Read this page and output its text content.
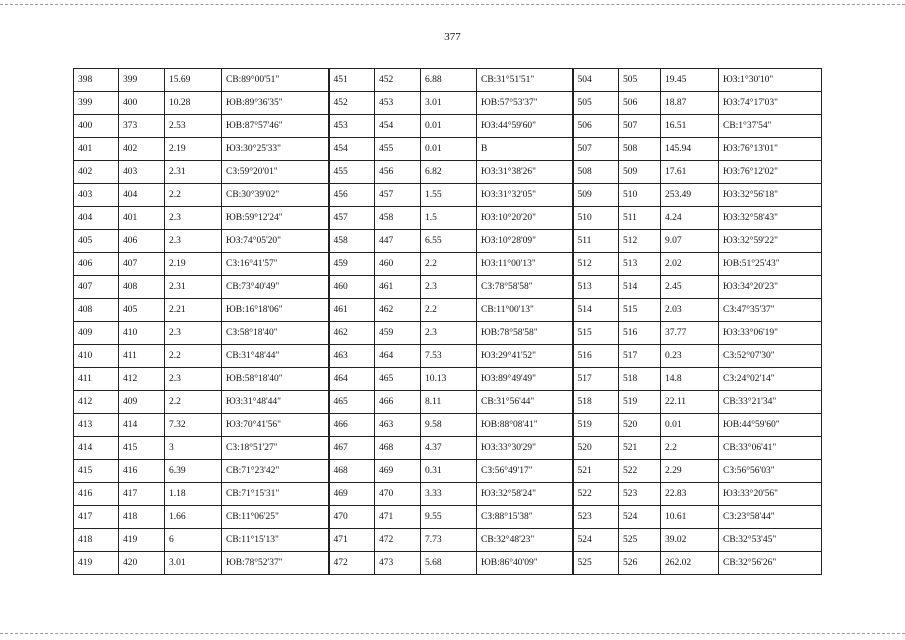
377
398	399	15.69	СВ:89°00'51"	451	452	6.88	СВ:31°51'51"	504	505	19.45	ЮЗ:1°30'10"
399	400	10.28	ЮВ:89°36'35"	452	453	3.01	ЮВ:57°53'37"	505	506	18.87	ЮЗ:74°17'03"
400	373	2.53	ЮВ:87°57'46"	453	454	0.01	ЮЗ:44°59'60"	506	507	16.51	СВ:1°37'54"
401	402	2.19	ЮЗ:30°25'33"	454	455	0.01	В	507	508	145.94	ЮЗ:76°13'01"
402	403	2.31	СЗ:59°20'01"	455	456	6.82	ЮЗ:31°38'26"	508	509	17.61	ЮЗ:76°12'02"
403	404	2.2	СВ:30°39'02"	456	457	1.55	ЮЗ:31°32'05"	509	510	253.49	ЮЗ:32°56'18"
404	401	2.3	ЮВ:59°12'24"	457	458	1.5	ЮЗ:10°20'20"	510	511	4.24	ЮЗ:32°58'43"
405	406	2.3	ЮЗ:74°05'20"	458	447	6.55	ЮЗ:10°28'09"	511	512	9.07	ЮЗ:32°59'22"
406	407	2.19	СЗ:16°41'57"	459	460	2.2	ЮЗ:11°00'13"	512	513	2.02	ЮВ:51°25'43"
407	408	2.31	СВ:73°40'49"	460	461	2.3	СЗ:78°58'58"	513	514	2.45	ЮЗ:34°20'23"
408	405	2.21	ЮВ:16°18'06"	461	462	2.2	СВ:11°00'13"	514	515	2.03	СЗ:47°35'37"
409	410	2.3	СЗ:58°18'40"	462	459	2.3	ЮВ:78°58'58"	515	516	37.77	ЮЗ:33°06'19"
410	411	2.2	СВ:31°48'44"	463	464	7.53	ЮЗ:29°41'52"	516	517	0.23	СЗ:52°07'30"
411	412	2.3	ЮВ:58°18'40"	464	465	10.13	ЮЗ:89°49'49"	517	518	14.8	СЗ:24°02'14"
412	409	2.2	ЮЗ:31°48'44"	465	466	8.11	СВ:31°56'44"	518	519	22.11	СВ:33°21'34"
413	414	7.32	ЮЗ:70°41'56"	466	463	9.58	ЮВ:88°08'41"	519	520	0.01	ЮВ:44°59'60"
414	415	3	СЗ:18°51'27"	467	468	4.37	ЮЗ:33°30'29"	520	521	2.2	СВ:33°06'41"
415	416	6.39	СВ:71°23'42"	468	469	0.31	СЗ:56°49'17"	521	522	2.29	СЗ:56°56'03"
416	417	1.18	СВ:71°15'31"	469	470	3.33	ЮЗ:32°58'24"	522	523	22.83	ЮЗ:33°20'56"
417	418	1.66	СВ:11°06'25"	470	471	9.55	СЗ:88°15'38"	523	524	10.61	СЗ:23°58'44"
418	419	6	СВ:11°15'13"	471	472	7.73	СВ:32°48'23"	524	525	39.02	СВ:32°53'45"
419	420	3.01	ЮВ:78°52'37"	472	473	5.68	ЮВ:86°40'09"	525	526	262.02	СВ:32°56'26"
